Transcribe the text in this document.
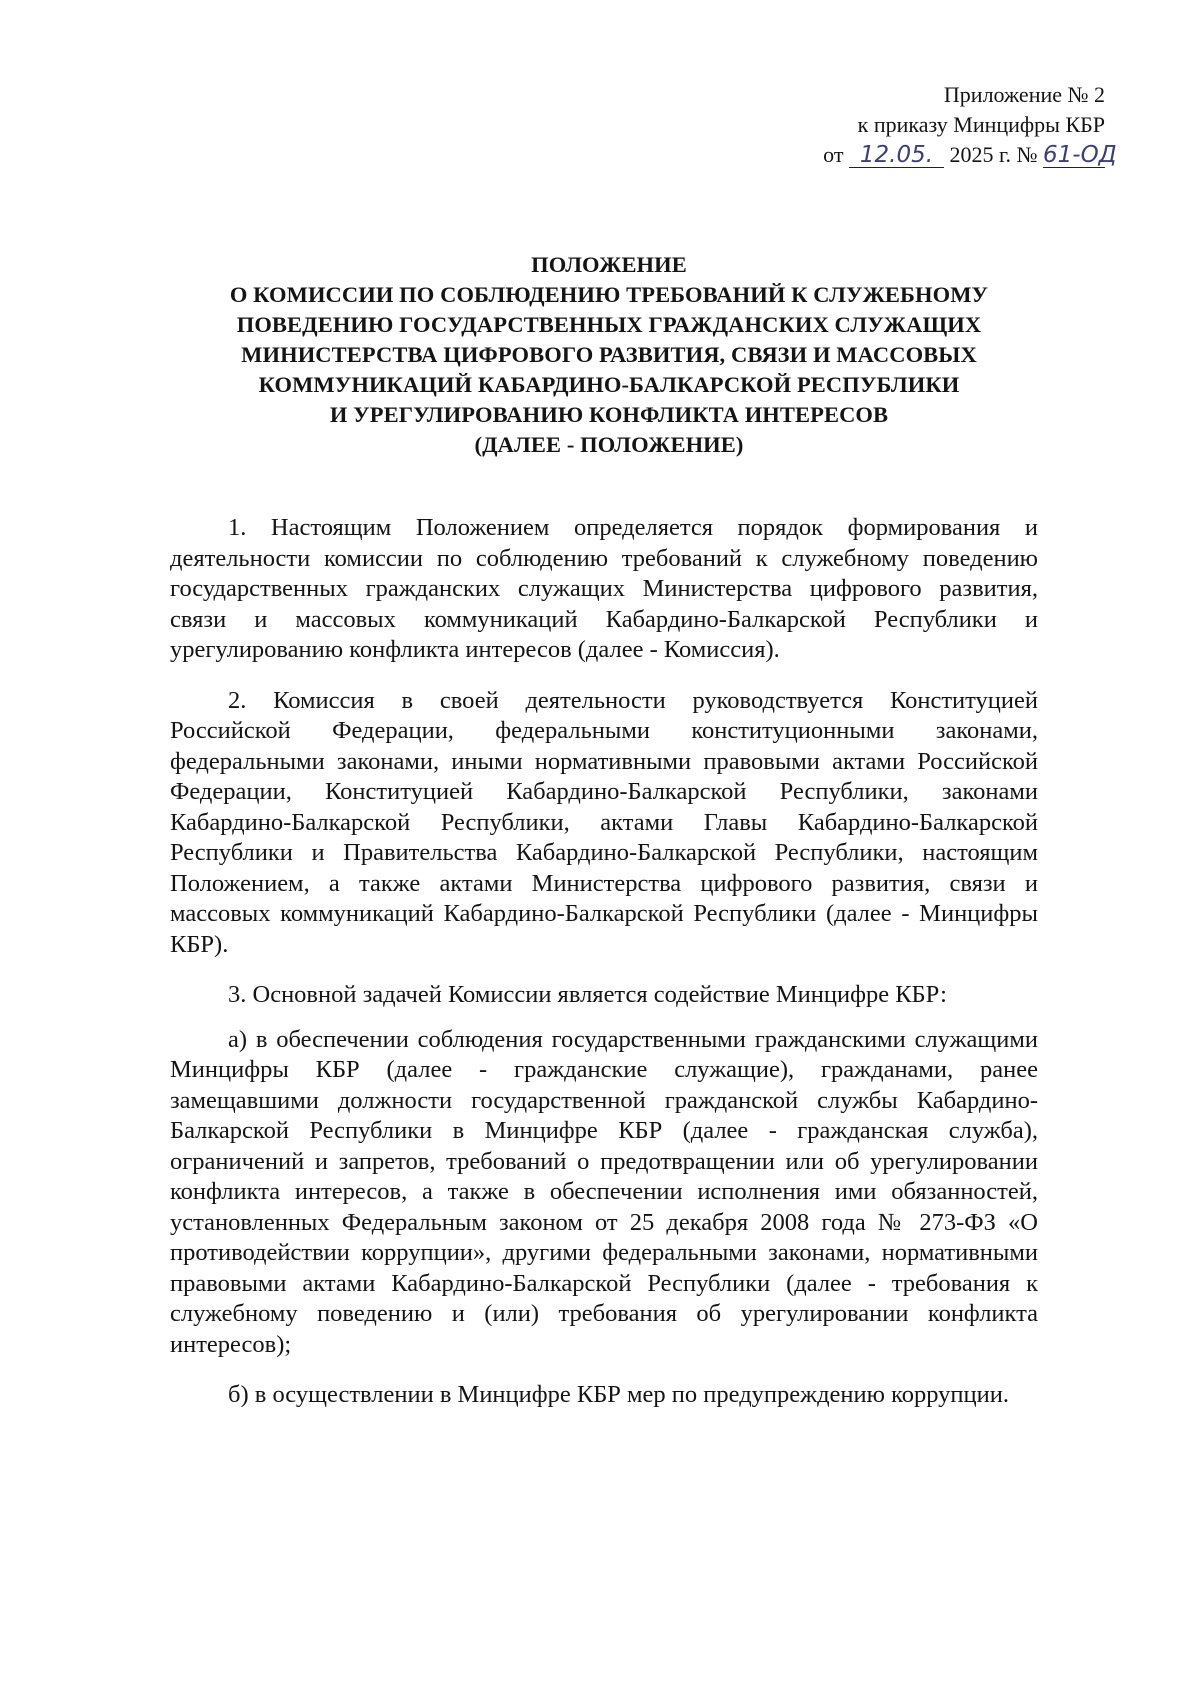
Приложение № 2
к приказу Минцифры КБР
от 12.05. 2025 г. № 61-ОД
ПОЛОЖЕНИЕ
О КОМИССИИ ПО СОБЛЮДЕНИЮ ТРЕБОВАНИЙ К СЛУЖЕБНОМУ
ПОВЕДЕНИЮ ГОСУДАРСТВЕННЫХ ГРАЖДАНСКИХ СЛУЖАЩИХ
МИНИСТЕРСТВА ЦИФРОВОГО РАЗВИТИЯ, СВЯЗИ И МАССОВЫХ
КОММУНИКАЦИЙ КАБАРДИНО-БАЛКАРСКОЙ РЕСПУБЛИКИ
И УРЕГУЛИРОВАНИЮ КОНФЛИКТА ИНТЕРЕСОВ
(ДАЛЕЕ - ПОЛОЖЕНИЕ)

1. Настоящим Положением определяется порядок формирования и деятельности комиссии по соблюдению требований к служебному поведению государственных гражданских служащих Министерства цифрового развития, связи и массовых коммуникаций Кабардино-Балкарской Республики и урегулированию конфликта интересов (далее - Комиссия).

2. Комиссия в своей деятельности руководствуется Конституцией Российской Федерации, федеральными конституционными законами, федеральными законами, иными нормативными правовыми актами Российской Федерации, Конституцией Кабардино-Балкарской Республики, законами Кабардино-Балкарской Республики, актами Главы Кабардино-Балкарской Республики и Правительства Кабардино-Балкарской Республики, настоящим Положением, а также актами Министерства цифрового развития, связи и массовых коммуникаций Кабардино-Балкарской Республики (далее - Минцифры КБР).

3. Основной задачей Комиссии является содействие Минцифре КБР:

а) в обеспечении соблюдения государственными гражданскими служащими Минцифры КБР (далее - гражданские служащие), гражданами, ранее замещавшими должности государственной гражданской службы Кабардино-Балкарской Республики в Минцифре КБР (далее - гражданская служба), ограничений и запретов, требований о предотвращении или об урегулировании конфликта интересов, а также в обеспечении исполнения ими обязанностей, установленных Федеральным законом от 25 декабря 2008 года № 273-ФЗ «О противодействии коррупции», другими федеральными законами, нормативными правовыми актами Кабардино-Балкарской Республики (далее - требования к служебному поведению и (или) требования об урегулировании конфликта интересов);

б) в осуществлении в Минцифре КБР мер по предупреждению коррупции.
